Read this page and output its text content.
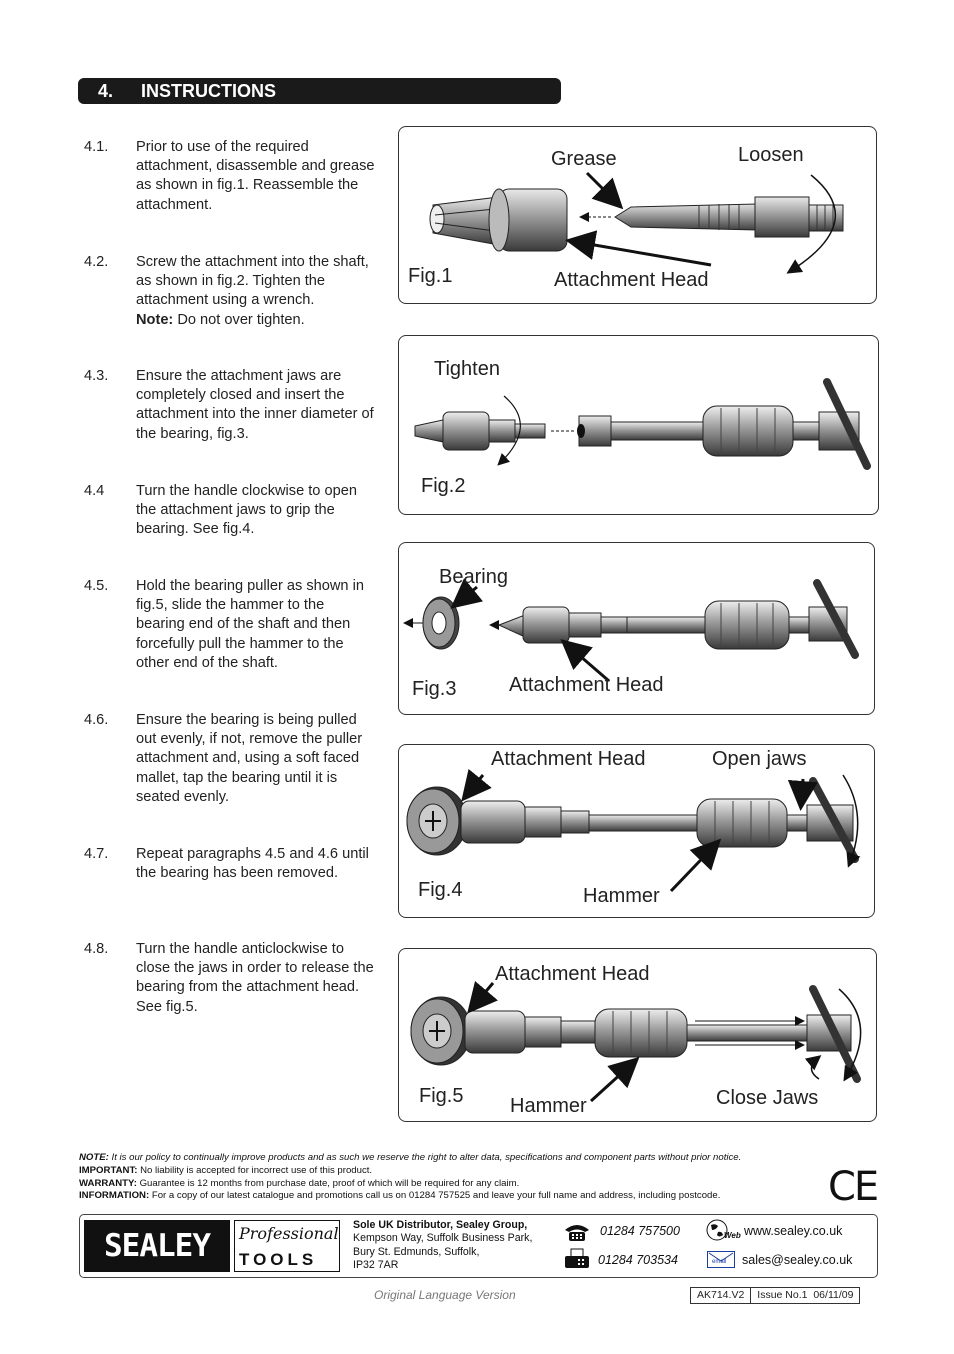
4. INSTRUCTIONS
4.1. Prior to use of the required attachment, disassemble and grease as shown in fig.1. Reassemble the attachment.
4.2. Screw the attachment into the shaft, as shown in fig.2. Tighten the attachment using a wrench.
Note: Do not over tighten.
4.3. Ensure the attachment jaws are completely closed and insert the attachment into the inner diameter of the bearing, fig.3.
4.4 Turn the handle clockwise to open the attachment jaws to grip the bearing. See fig.4.
4.5. Hold the bearing puller as shown in fig.5, slide the hammer to the bearing end of the shaft and then forcefully pull the hammer to the other end of the shaft.
4.6. Ensure the bearing is being pulled out evenly, if not, remove the puller attachment and, using a soft faced mallet, tap the bearing until it is seated evenly.
4.7. Repeat paragraphs 4.5 and 4.6 until the bearing has been removed.
4.8. Turn the handle anticlockwise to close the jaws in order to release the bearing from the attachment head. See fig.5.
Grease	Loosen
Fig.1	Attachment Head
Tighten
Fig.2
Bearing
Fig.3	Attachment Head
Attachment Head	Open jaws
Fig.4	Hammer
Attachment Head
Fig.5 Hammer	Close Jaws
NOTE: It is our policy to continually improve products and as such we reserve the right to alter data, specifications and component parts without prior notice.
IMPORTANT: No liability is accepted for incorrect use of this product.
WARRANTY: Guarantee is 12 months from purchase date, proof of which will be required for any claim.
INFORMATION: For a copy of our latest catalogue and promotions call us on 01284 757525 and leave your full name and address, including postcode.	CE
SEALEY	Professional
TOOLS
Sole UK Distributor, Sealey Group,
Kempson Way, Suffolk Business Park,
Bury St. Edmunds, Suffolk,
IP32 7AR
01284 757500
01284 703534
Web www.sealey.co.uk
email sales@sealey.co.uk
Original Language Version	AK714.V2	Issue No.1 06/11/09
